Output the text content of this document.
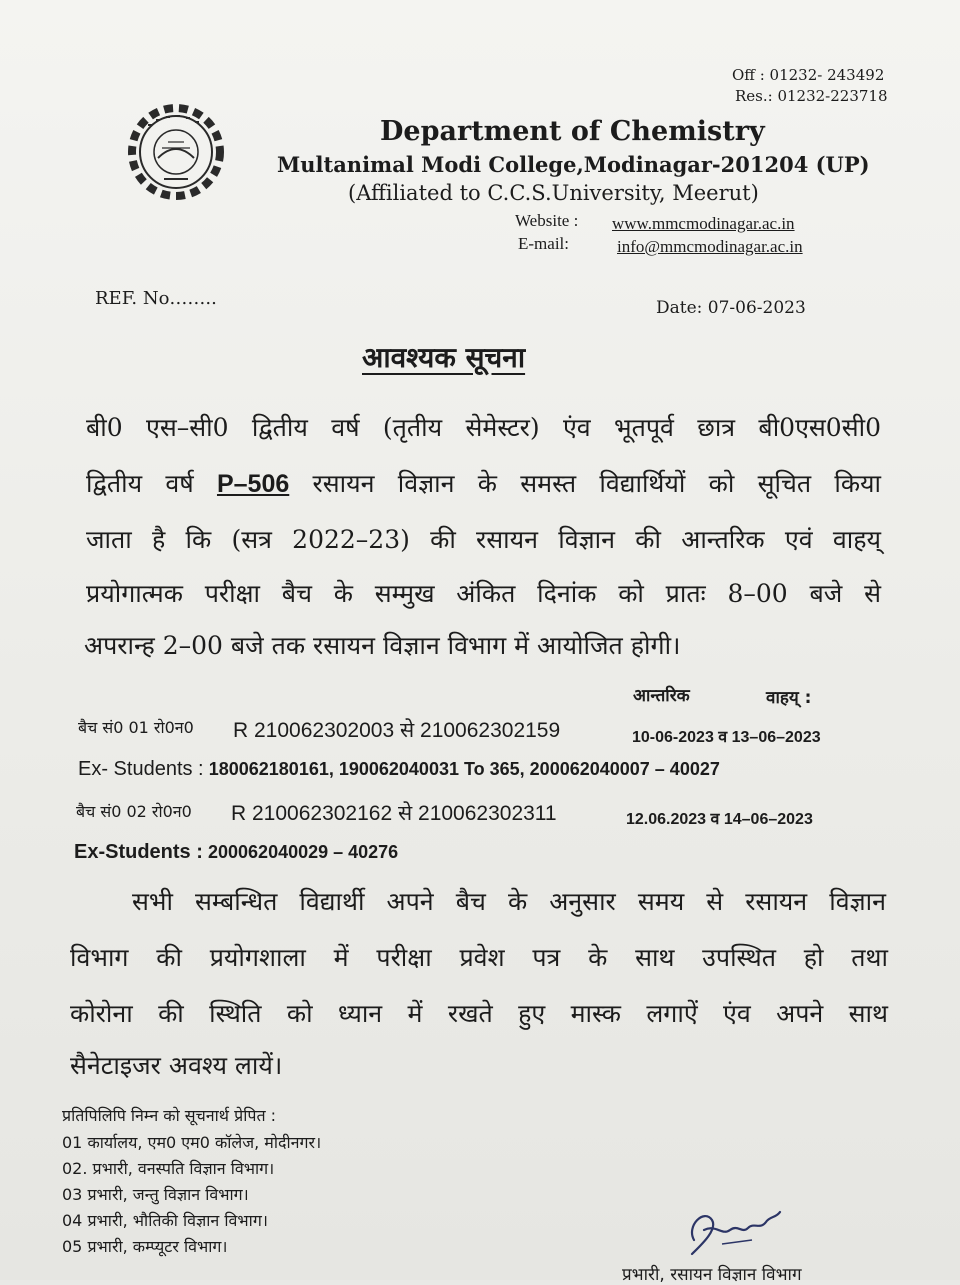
Off : 01232- 243492
Res.: 01232-223718
Department of Chemistry
Multanimal Modi College,Modinagar-201204 (UP)
(Affiliated to C.C.S.University, Meerut)
Website : www.mmcmodinagar.ac.in
E-mail:	info@mmcmodinagar.ac.in
REF. No……..	Date: 07-06-2023
आवश्यक सूचना
बी0 एस–सी0 द्वितीय वर्ष (तृतीय सेमेस्टर) एंव भूतपूर्व छात्र बी0एस0सी0
द्वितीय वर्ष P–506 रसायन विज्ञान के समस्त विद्यार्थियों को सूचित किया
जाता है कि (सत्र 2022–23) की रसायन विज्ञान की आन्तरिक एवं वाहय्
प्रयोगात्मक परीक्षा बैच के सम्मुख अंकित दिनांक को प्रातः 8–00 बजे से
अपरान्ह 2–00 बजे तक रसायन विज्ञान विभाग में आयोजित होगी।
आन्तरिक	वाहय् :
बैच सं0 01 रो0न0 R 210062302003 से 210062302159	10-06-2023 व 13–06–2023
Ex- Students : 180062180161, 190062040031 To 365, 200062040007 – 40027
बैच सं0 02 रो0न0 R 210062302162 से 210062302311	12.06.2023 व 14–06–2023
Ex-Students : 200062040029 – 40276
सभी सम्बन्धित विद्यार्थी अपने बैच के अनुसार समय से रसायन विज्ञान
विभाग की प्रयोगशाला में परीक्षा प्रवेश पत्र के साथ उपस्थित हो तथा
कोरोना की स्थिति को ध्यान में रखते हुए मास्क लगाऐं एंव अपने साथ
सैनेटाइजर अवश्य लायें।
प्रतिपिलिपि निम्न को सूचनार्थ प्रेपित :
01 कार्यालय, एम0 एम0 कॉलेज, मोदीनगर।
02. प्रभारी, वनस्पति विज्ञान विभाग।
03 प्रभारी, जन्तु विज्ञान विभाग।
04 प्रभारी, भौतिकी विज्ञान विभाग।
05 प्रभारी, कम्प्यूटर विभाग।
प्रभारी, रसायन विज्ञान विभाग
